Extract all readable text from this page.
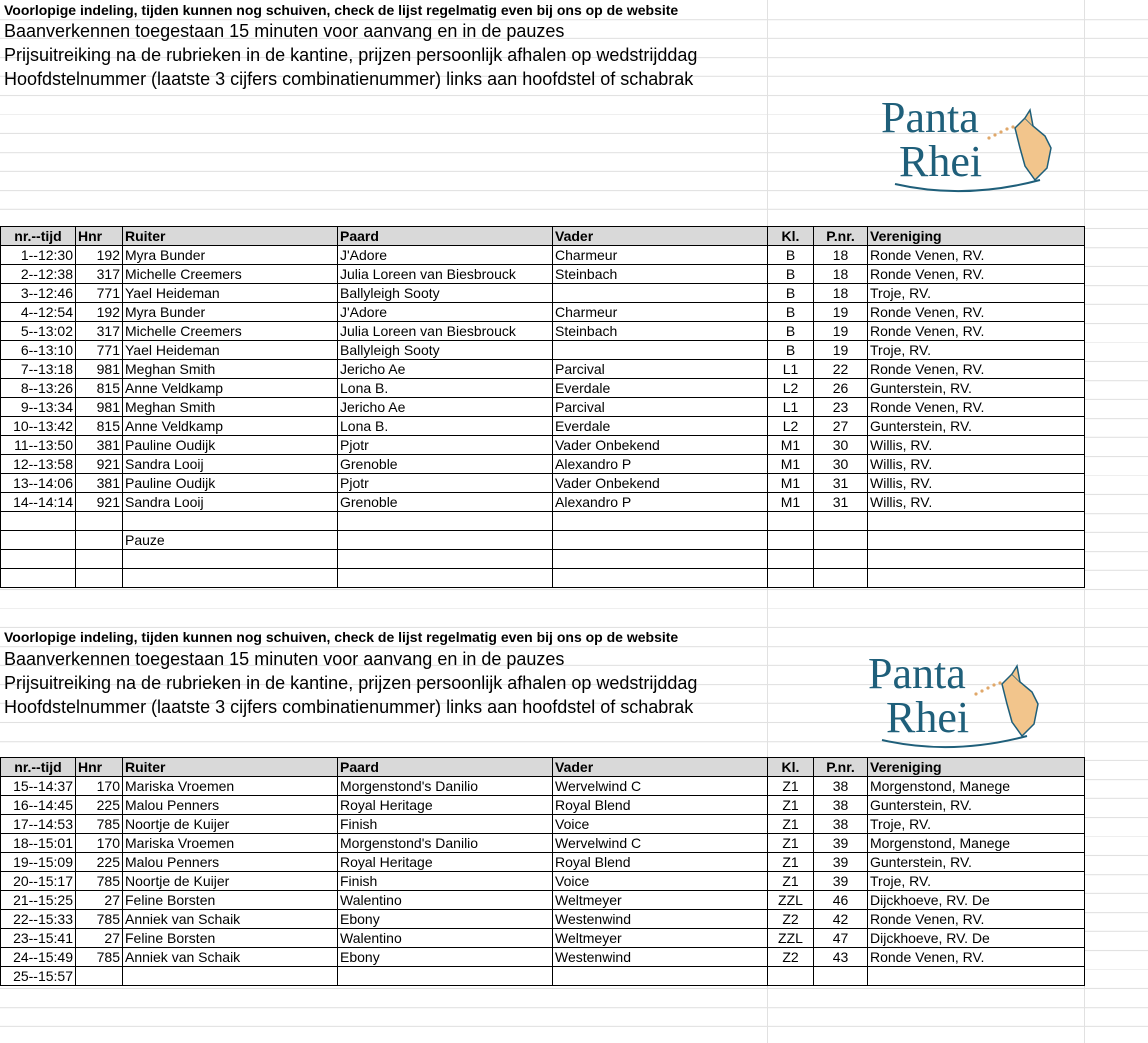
Voorlopige indeling, tijden kunnen nog schuiven, check de lijst regelmatig even bij ons op de website
Baanverkennen toegestaan 15 minuten voor aanvang en in de pauzes
Prijsuitreiking na de rubrieken in de kantine, prijzen persoonlijk afhalen op wedstrijddag
Hoofdstelnummer (laatste 3 cijfers combinatienummer) links aan hoofdstel of schabrak
Panta
Rhei
nr.--tijd	Hnr	Ruiter	Paard	Vader	Kl.	P.nr.	Vereniging
1--12:30	192	Myra Bunder	J'Adore	Charmeur	B	18	Ronde Venen, RV.
2--12:38	317	Michelle Creemers	Julia Loreen van Biesbrouck	Steinbach	B	18	Ronde Venen, RV.
3--12:46	771	Yael Heideman	Ballyleigh Sooty		B	18	Troje, RV.
4--12:54	192	Myra Bunder	J'Adore	Charmeur	B	19	Ronde Venen, RV.
5--13:02	317	Michelle Creemers	Julia Loreen van Biesbrouck	Steinbach	B	19	Ronde Venen, RV.
6--13:10	771	Yael Heideman	Ballyleigh Sooty		B	19	Troje, RV.
7--13:18	981	Meghan Smith	Jericho Ae	Parcival	L1	22	Ronde Venen, RV.
8--13:26	815	Anne Veldkamp	Lona B.	Everdale	L2	26	Gunterstein, RV.
9--13:34	981	Meghan Smith	Jericho Ae	Parcival	L1	23	Ronde Venen, RV.
10--13:42	815	Anne Veldkamp	Lona B.	Everdale	L2	27	Gunterstein, RV.
11--13:50	381	Pauline Oudijk	Pjotr	Vader Onbekend	M1	30	Willis, RV.
12--13:58	921	Sandra Looij	Grenoble	Alexandro P	M1	30	Willis, RV.
13--14:06	381	Pauline Oudijk	Pjotr	Vader Onbekend	M1	31	Willis, RV.
14--14:14	921	Sandra Looij	Grenoble	Alexandro P	M1	31	Willis, RV.

		Pauze					

Voorlopige indeling, tijden kunnen nog schuiven, check de lijst regelmatig even bij ons op de website
Baanverkennen toegestaan 15 minuten voor aanvang en in de pauzes
Prijsuitreiking na de rubrieken in de kantine, prijzen persoonlijk afhalen op wedstrijddag
Hoofdstelnummer (laatste 3 cijfers combinatienummer) links aan hoofdstel of schabrak
Panta
Rhei
nr.--tijd	Hnr	Ruiter	Paard	Vader	Kl.	P.nr.	Vereniging
15--14:37	170	Mariska Vroemen	Morgenstond's Danilio	Wervelwind C	Z1	38	Morgenstond, Manege
16--14:45	225	Malou Penners	Royal Heritage	Royal Blend	Z1	38	Gunterstein, RV.
17--14:53	785	Noortje de Kuijer	Finish	Voice	Z1	38	Troje, RV.
18--15:01	170	Mariska Vroemen	Morgenstond's Danilio	Wervelwind C	Z1	39	Morgenstond, Manege
19--15:09	225	Malou Penners	Royal Heritage	Royal Blend	Z1	39	Gunterstein, RV.
20--15:17	785	Noortje de Kuijer	Finish	Voice	Z1	39	Troje, RV.
21--15:25	27	Feline Borsten	Walentino	Weltmeyer	ZZL	46	Dijckhoeve, RV. De
22--15:33	785	Anniek van Schaik	Ebony	Westenwind	Z2	42	Ronde Venen, RV.
23--15:41	27	Feline Borsten	Walentino	Weltmeyer	ZZL	47	Dijckhoeve, RV. De
24--15:49	785	Anniek van Schaik	Ebony	Westenwind	Z2	43	Ronde Venen, RV.
25--15:57							
